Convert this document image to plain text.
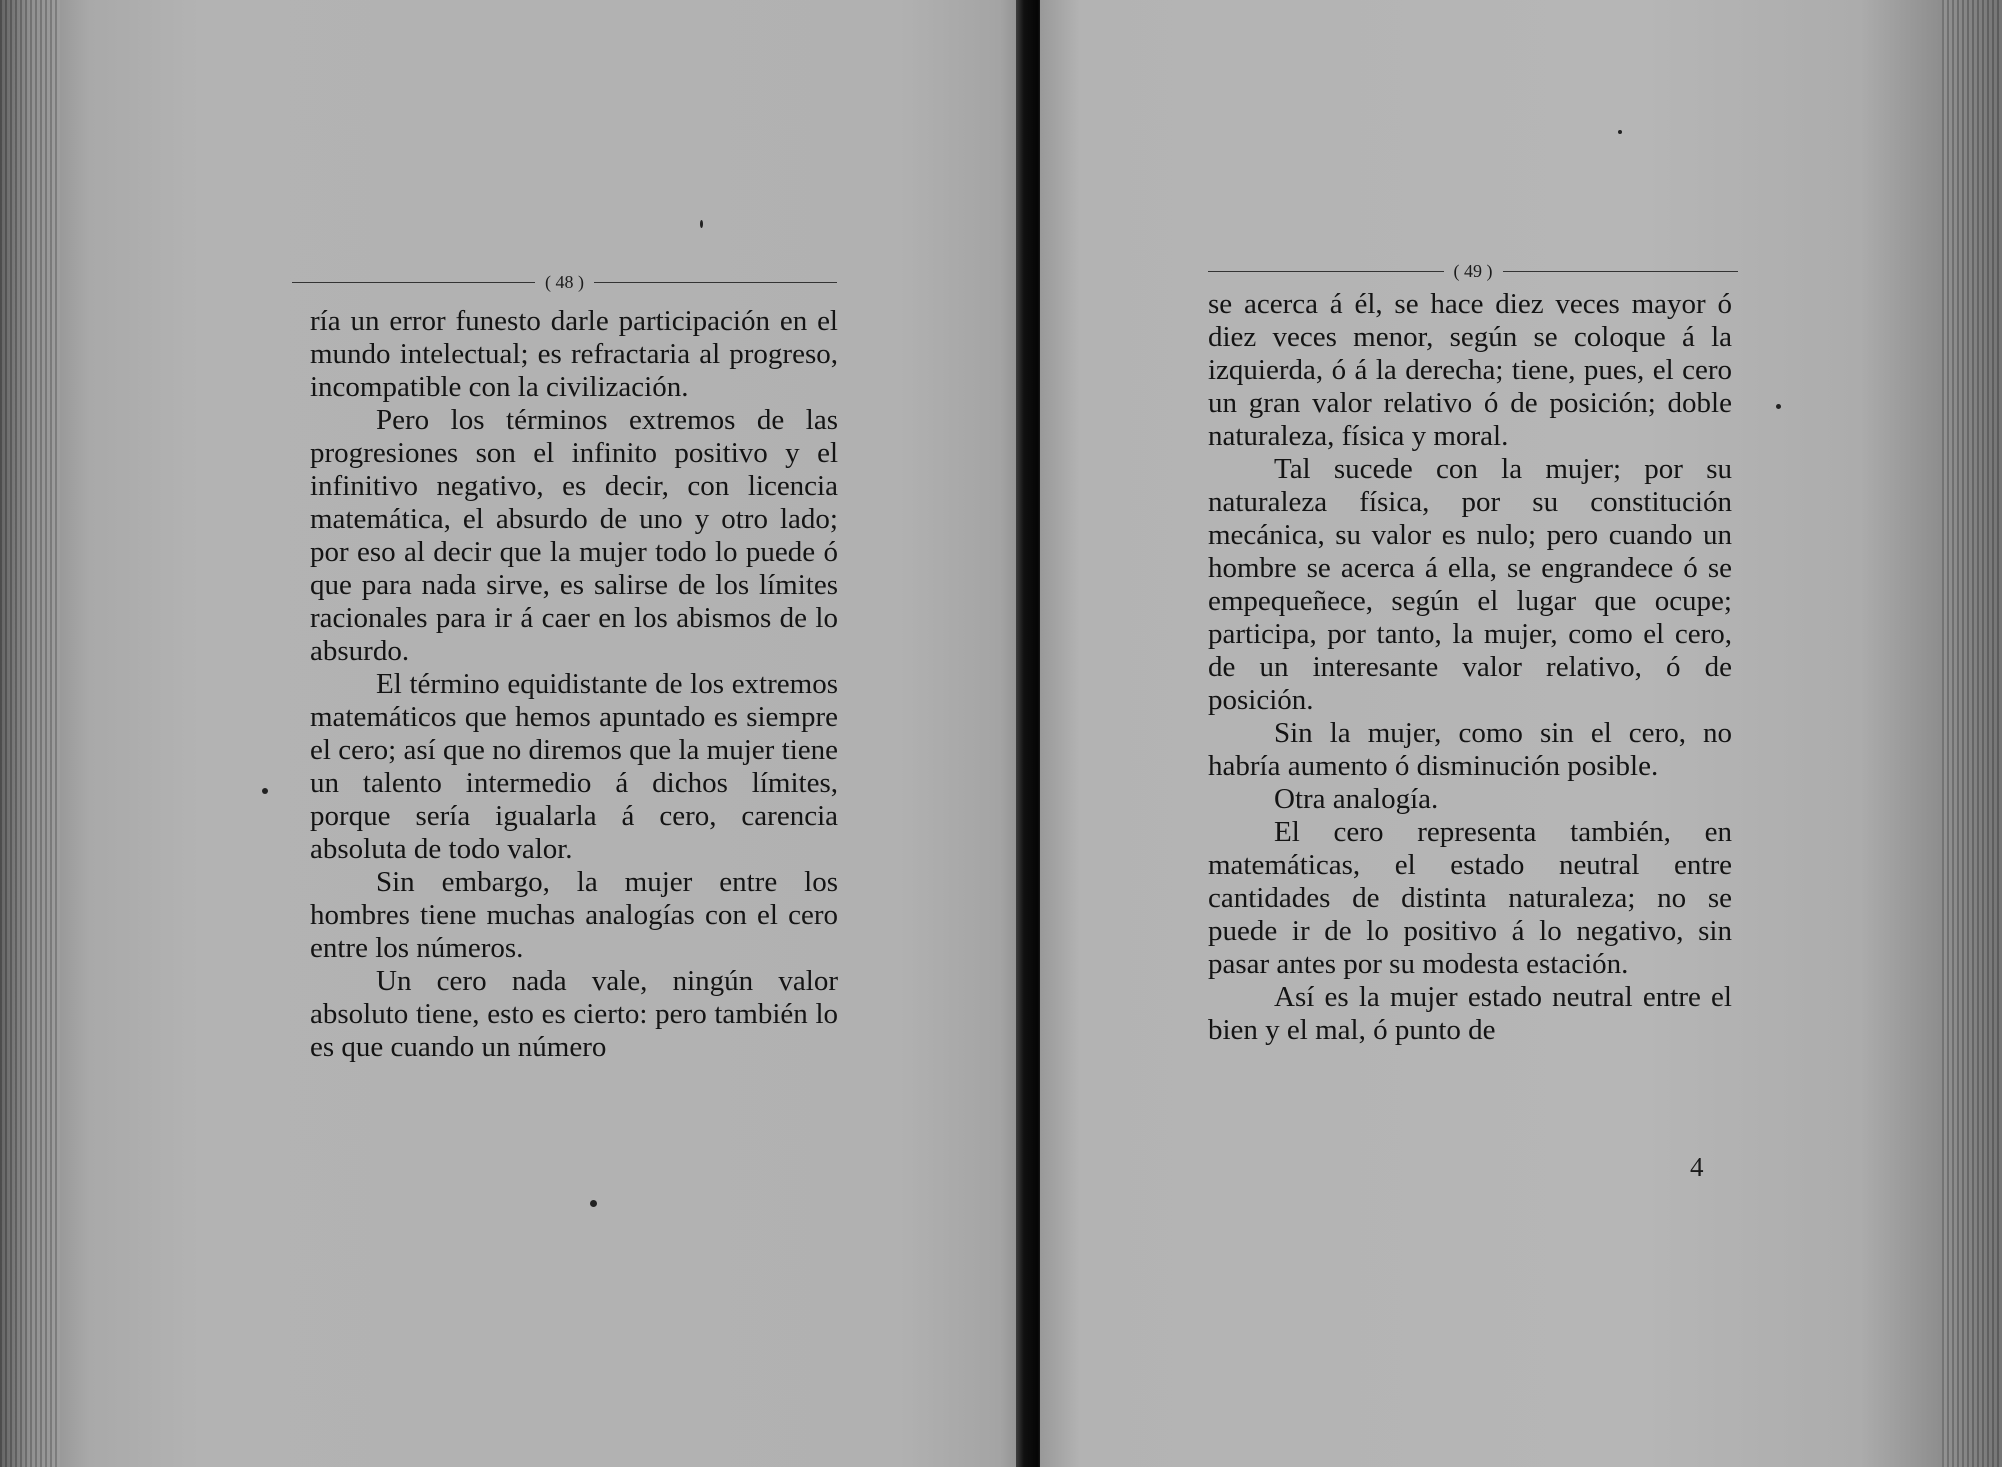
( 48 )

ría un error funesto darle participación en el mundo intelectual; es refractaria al progreso, incompatible con la civilización.

Pero los términos extremos de las progresiones son el infinito positivo y el infinitivo negativo, es decir, con licencia matemática, el absurdo de uno y otro lado; por eso al decir que la mujer todo lo puede ó que para nada sirve, es salirse de los límites racionales para ir á caer en los abismos de lo absurdo.

El término equidistante de los extremos matemáticos que hemos apuntado es siempre el cero; así que no diremos que la mujer tiene un talento intermedio á dichos límites, porque sería igualarla á cero, carencia absoluta de todo valor.

Sin embargo, la mujer entre los hombres tiene muchas analogías con el cero entre los números.

Un cero nada vale, ningún valor absoluto tiene, esto es cierto: pero también lo es que cuando un número

( 49 )

se acerca á él, se hace diez veces mayor ó diez veces menor, según se coloque á la izquierda, ó á la derecha; tiene, pues, el cero un gran valor relativo ó de posición; doble naturaleza, física y moral.

Tal sucede con la mujer; por su naturaleza física, por su constitución mecánica, su valor es nulo; pero cuando un hombre se acerca á ella, se engrandece ó se empequeñece, según el lugar que ocupe; participa, por tanto, la mujer, como el cero, de un interesante valor relativo, ó de posición.

Sin la mujer, como sin el cero, no habría aumento ó disminución posible.

Otra analogía.

El cero representa también, en matemáticas, el estado neutral entre cantidades de distinta naturaleza; no se puede ir de lo positivo á lo negativo, sin pasar antes por su modesta estación.

Así es la mujer estado neutral entre el bien y el mal, ó punto de

4
